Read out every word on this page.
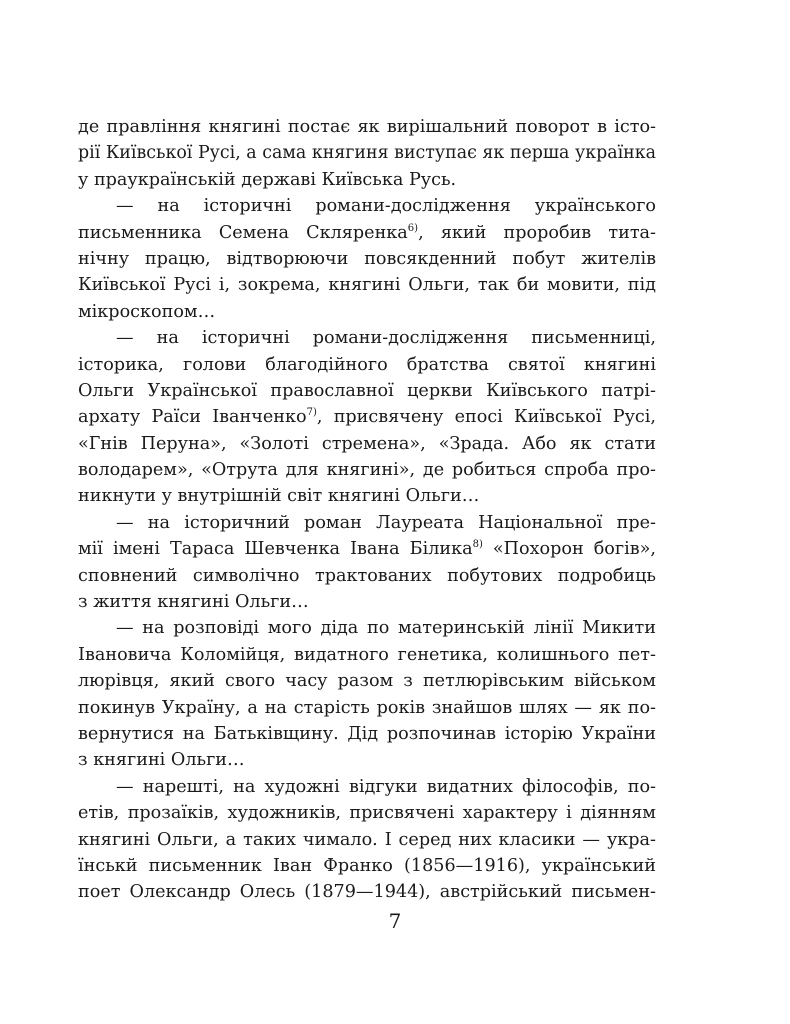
де правління княгині постає як вирішальний поворот в істо-
рії Київської Русі, а сама княгиня виступає як перша українка
у праукраїнській державі Київська Русь.
— на історичні романи-дослідження українського
письменника Семена Скляренка$^{6)}$, який проробив тита-
нічну працю, відтворюючи повсякденний побут жителів
Київської Русі і, зокрема, княгині Ольги, так би мовити, під
мікроскопом…
— на історичні романи-дослідження письменниці,
історика, голови благодійного братства святої княгині
Ольги Української православної церкви Київського патрі-
архату Раїси Іванченко$^{7)}$, присвячену епосі Київської Русі,
«Гнів Перуна», «Золоті стремена», «Зрада. Або як стати
володарем», «Отрута для княгині», де робиться спроба про-
никнути у внутрішній світ княгині Ольги…
— на історичний роман Лауреата Національної пре-
мії імені Тараса Шевченка Івана Білика$^{8)}$ «Похорон богів»,
сповнений символічно трактованих побутових подробиць
з життя княгині Ольги…
— на розповіді мого діда по материнській лінії Микити
Івановича Коломійця, видатного генетика, колишнього пет-
люрівця, який свого часу разом з петлюрівським військом
покинув Україну, а на старість років знайшов шлях — як по-
вернутися на Батьківщину. Дід розпочинав історію України
з княгині Ольги…
— нарешті, на художні відгуки видатних філософів, по-
етів, прозаїків, художників, присвячені характеру і діянням
княгині Ольги, а таких чимало. І серед них класики — укра-
їнськй письменник Іван Франко (1856—1916), український
поет Олександр Олесь (1879—1944), австрійський письмен-
7
